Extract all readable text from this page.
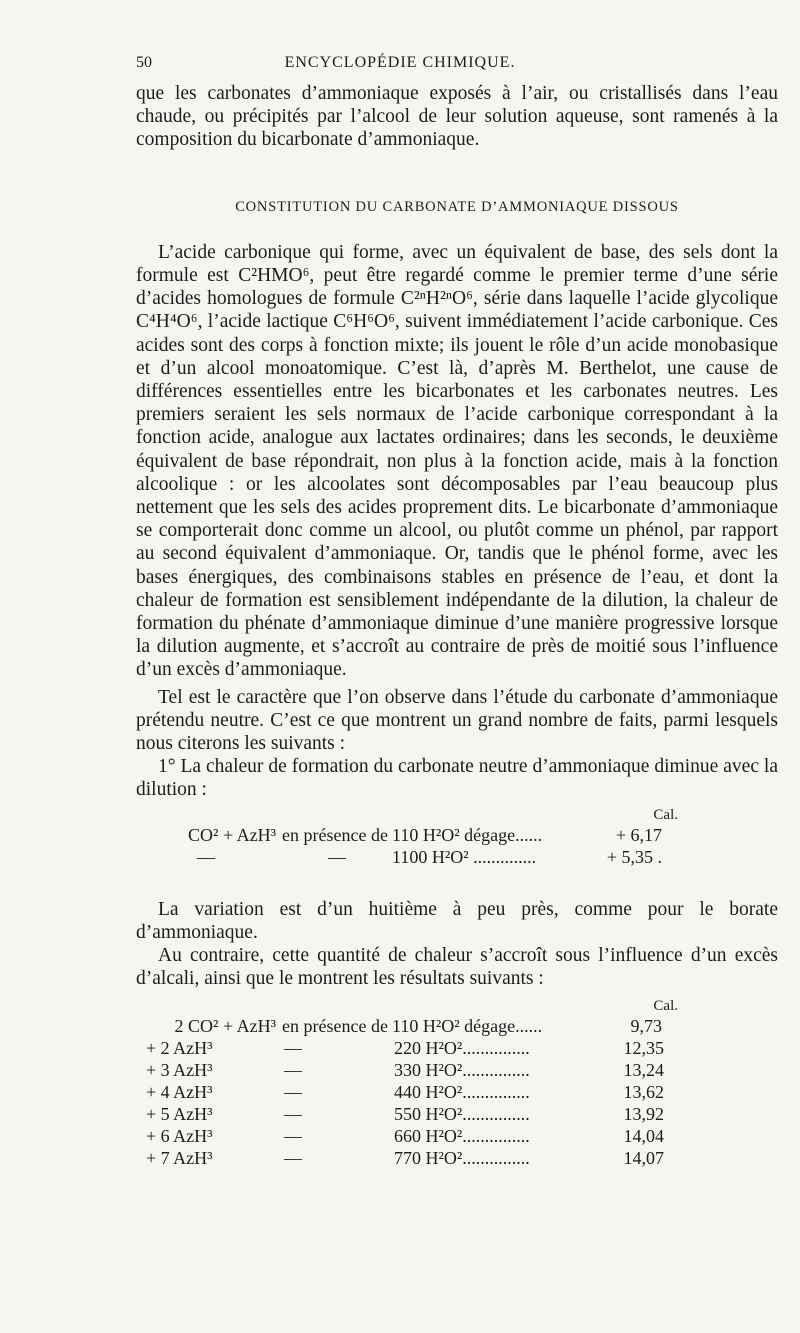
50	ENCYCLOPÉDIE CHIMIQUE.

que les carbonates d’ammoniaque exposés à l’air, ou cristallisés dans l’eau chaude, ou précipités par l’alcool de leur solution aqueuse, sont ramenés à la composition du bicarbonate d’ammoniaque.

CONSTITUTION DU CARBONATE D’AMMONIAQUE DISSOUS

L’acide carbonique qui forme, avec un équivalent de base, des sels dont la formule est C²HMO⁶, peut être regardé comme le premier terme d’une série d’acides homologues de formule C²ⁿH²ⁿO⁶, série dans laquelle l’acide glycolique C⁴H⁴O⁶, l’acide lactique C⁶H⁶O⁶, suivent immédiatement l’acide carbonique. Ces acides sont des corps à fonction mixte; ils jouent le rôle d’un acide monobasique et d’un alcool monoatomique. C’est là, d’après M. Berthelot, une cause de différences essentielles entre les bicarbonates et les carbonates neutres. Les premiers seraient les sels normaux de l’acide carbonique correspondant à la fonction acide, analogue aux lactates ordinaires; dans les seconds, le deuxième équivalent de base répondrait, non plus à la fonction acide, mais à la fonction alcoolique : or les alcoolates sont décomposables par l’eau beaucoup plus nettement que les sels des acides proprement dits. Le bicarbonate d’ammoniaque se comporterait donc comme un alcool, ou plutôt comme un phénol, par rapport au second équivalent d’ammoniaque. Or, tandis que le phénol forme, avec les bases énergiques, des combinaisons stables en présence de l’eau, et dont la chaleur de formation est sensiblement indépendante de la dilution, la chaleur de formation du phénate d’ammoniaque diminue d’une manière progressive lorsque la dilution augmente, et s’accroît au contraire de près de moitié sous l’influence d’un excès d’ammoniaque.

Tel est le caractère que l’on observe dans l’étude du carbonate d’ammoniaque prétendu neutre. C’est ce que montrent un grand nombre de faits, parmi lesquels nous citerons les suivants :

1° La chaleur de formation du carbonate neutre d’ammoniaque diminue avec la dilution :

Cal.
CO² + AzH³ en présence de 110 H²O² dégage......	+ 6,17
—	—	1100 H²O² ..............	+ 5,35 .

La variation est d’un huitième à peu près, comme pour le borate d’ammoniaque.

Au contraire, cette quantité de chaleur s’accroît sous l’influence d’un excès d’alcali, ainsi que le montrent les résultats suivants :

Cal.
2 CO² + AzH³ en présence de 110 H²O² dégage......	9,73
+ 2 AzH³	—	220 H²O²...............	12,35
+ 3 AzH³	—	330 H²O²...............	13,24
+ 4 AzH³	—	440 H²O²...............	13,62
+ 5 AzH³	—	550 H²O²...............	13,92
+ 6 AzH³	—	660 H²O²...............	14,04
+ 7 AzH³	—	770 H²O²...............	14,07
